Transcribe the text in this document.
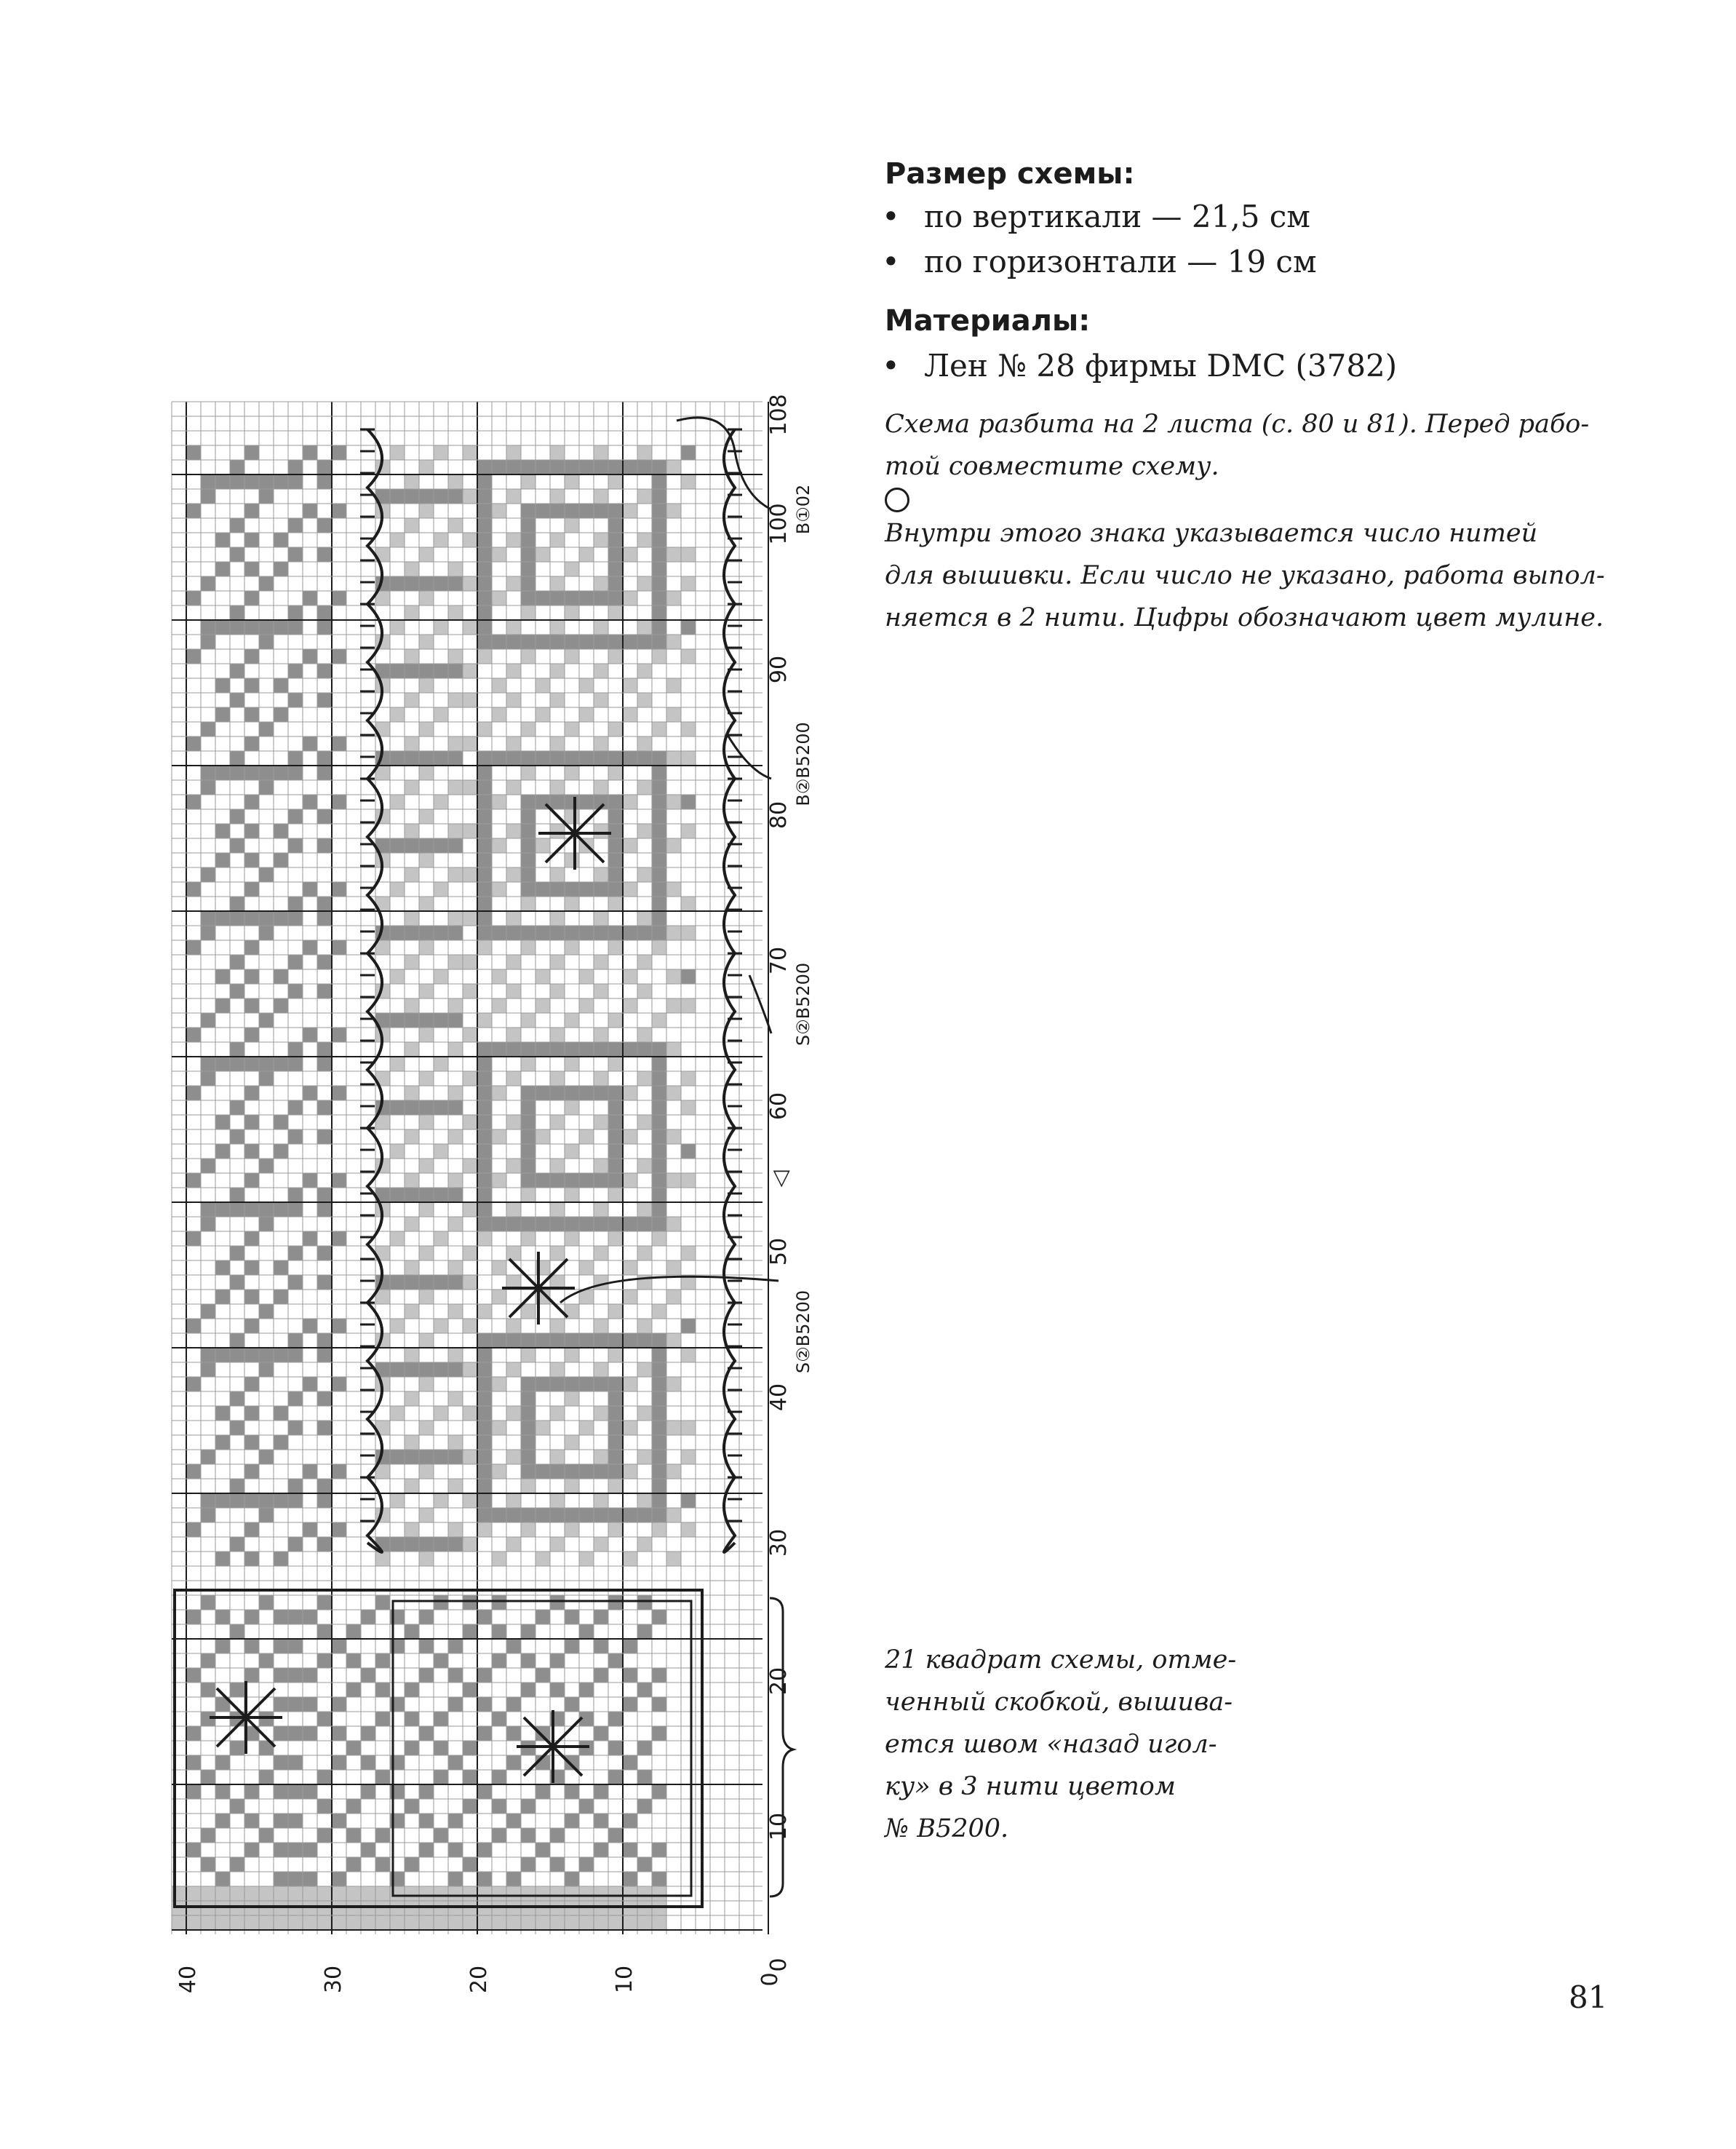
108
100
90
80
70
60
50
40
30
20
10
0
40	30	20	10	0
B①02
B②B5200
S②B5200
S②B5200
◁
Размер схемы:
• по вертикали — 21,5 см
• по горизонтали — 19 см
Материалы:
• Лен № 28 фирмы DMC (3782)

Схема разбита на 2 листа (с. 80 и 81). Перед рабо-
той совместите схему.
Внутри этого знака указывается число нитей
для вышивки. Если число не указано, работа выпол-
няется в 2 нити. Цифры обозначают цвет мулине.

21 квадрат схемы, отме-
ченный скобкой, вышива-
ется швом «назад игол-
ку» в 3 нити цветом
№ B5200.

81
